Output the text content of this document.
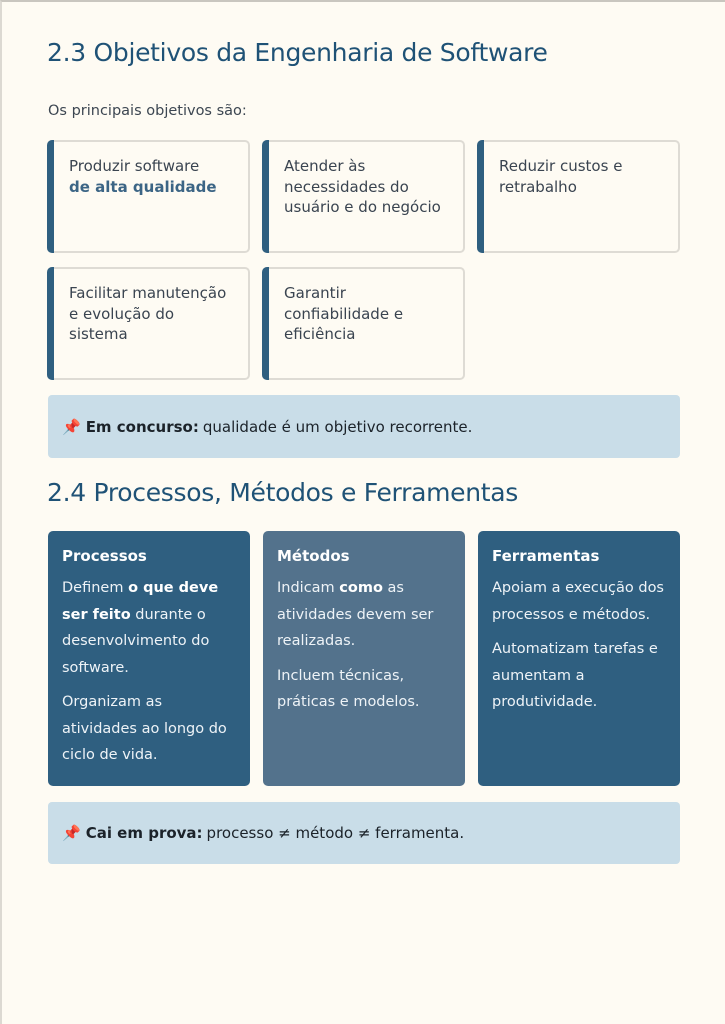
2.3 Objetivos da Engenharia de Software
Os principais objetivos são:
Produzir software
de alta qualidade
Atender às necessidades do usuário e do negócio
Reduzir custos e retrabalho
Facilitar manutenção e evolução do sistema
Garantir confiabilidade e eficiência
📌 Em concurso: qualidade é um objetivo recorrente.
2.4 Processos, Métodos e Ferramentas
Processos

Definem o que deve ser feito durante o desenvolvimento do software.

Organizam as atividades ao longo do ciclo de vida.

Métodos

Indicam como as atividades devem ser realizadas.

Incluem técnicas, práticas e modelos.

Ferramentas

Apoiam a execução dos processos e métodos.

Automatizam tarefas e aumentam a produtividade.

📌 Cai em prova: processo ≠ método ≠ ferramenta.
